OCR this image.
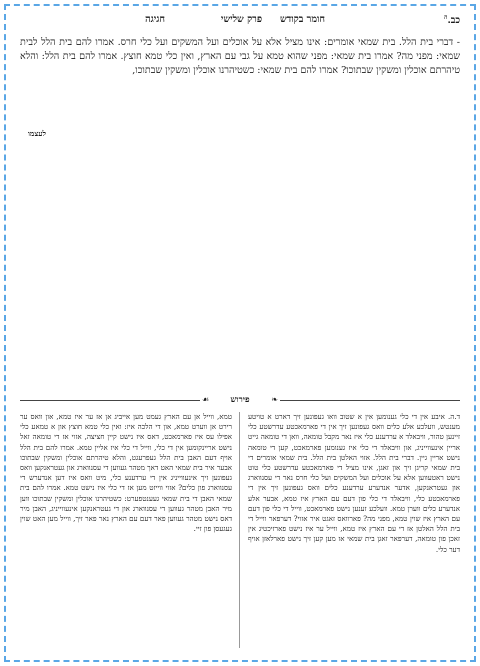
כב.$^ה$
חומר בקודש
פרק שלישי
חגיגה
- דברי בית הלל. בית שמאי אומרים: אינו מציל אלא על אוכלים ועל המשקים ועל כלי חרס. אמרו להם בית הלל לבית שמאי: מפני מה? אמרו בית שמאי: מפני שהוא טמא על גבי עם הארץ, ואין כלי טמא חוצץ. אמרו להם בית הלל: והלא טיהרתם אוכלין ומשקין שבתוכו? אמרו להם בית שמאי: כשטיהרנו אוכלין ומשקין שבתוכו,
לעצמו
❧
פירוש
☙
ד.ה. איבע אין די כלי גענומען אין א שטוב וואו געפונען זיך דארט א טויטע מענטש, וועלכע אלע כלים וואס געפונען זיך אין די פארמאכטע עדרשטע כלי זיינען טהור, וויבאלד א ערדענע כלי איז נאר מקבל טומאה, וואן די טומאה גייט אריין אינעווייניג, און וויבאלד די כלי איז גענומען פארמאכט, קען די טומאה נישט אריין גיין. דברי בית הלל. אזוי האלטן בית הלל. בית שמאי אומרים די בית שמאי קריגן זיך און זאגן, אינו מציל די פארמאכטע עדרשטע כלי טוט נישט ראטעווען אלא על אוכלים ועל המשקים ועל כלי חרס נאר די עסנווארג און געטראנקען, אדער אנדערע ערדענע כלים וואס געפונען זיך אין די פארמאכטע כלי, וויבאלד די כלי פון דעם עם הארץ איז טמא, אבער אלע אנדערע כלים ווערן טמא. וועלכע זענען נישט פארמאכט, ווייל די כלי פון דעם עם הארץ איז שוין טמא, מפני מה? פארוואס זאגט איר אזוי? דערפאר ווייל די בית הלל האלטן אז די עם הארץ איז טמא, ווייל ער איז נישט פארזיכטיג אין זאכן פון טומאה, דערפאר זאגן בית שמאי אז מען קען זיך נישט פארלאזן אויף דער כלי.
טמא, ווייל אן עם הארץ געמט מען אייביג אן אז ער איז טמא, און וואס ער רירט אן ווערט טמא, און די הלכה איז: ואין כלי טמא חוצץ און א טמאע כלי אפילו עס איז פארמאכט, דאס איז נישט קיין חציצה, אזוי אז די טומאה זאל נישט אריינקומען אין די כלי, ווייל די כלי איז אליין טמא. אמרו להם בית הלל אויף דעם האבן בית הלל געפרעגט, והלא טיהרתם אוכלין ומשקין שבתוכו אבער איר בית שמאי האט דאך מטהר געווען די עסנווארג און געטראנקען וואס געפונען זיך אינעווייניג אין די ערדענע כלי, מיט וואס איז דען אנדערש די עסנווארג פון כלים? אזוי ווייזט מען אז די כלי איז נישט טמא. אמרו להם בית שמאי האבן די בית שמאי געענטפערט: כשטיהרנו אוכלין ומשקין שבתוכו ווען מיר האבן מטהר געווען די עסנווארג און די געטראנקען אינעווייניג, האבן מיר דאס נישט מטהר געווען פאר דעם עם הארץ נאר פאר זיך, ווייל מען האט שוין געגעסן פון זיי.
